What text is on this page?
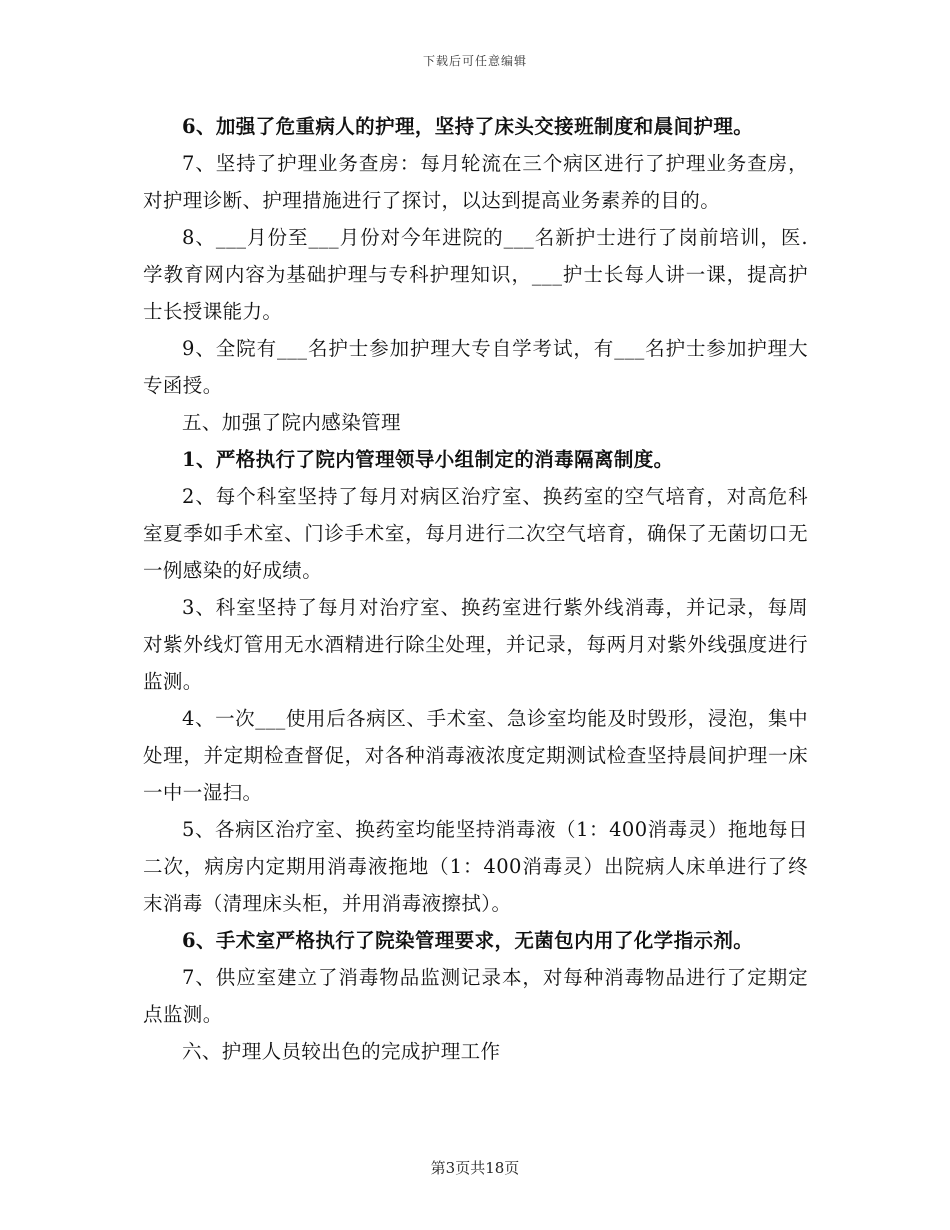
下载后可任意编辑

6、加强了危重病人的护理，坚持了床头交接班制度和晨间护理。

7、坚持了护理业务查房：每月轮流在三个病区进行了护理业务查房，对护理诊断、护理措施进行了探讨，以达到提高业务素养的目的。

8、___月份至___月份对今年进院的___名新护士进行了岗前培训，医.学教育网内容为基础护理与专科护理知识，___护士长每人讲一课，提高护士长授课能力。

9、全院有___名护士参加护理大专自学考试，有___名护士参加护理大专函授。

五、加强了院内感染管理

1、严格执行了院内管理领导小组制定的消毒隔离制度。

2、每个科室坚持了每月对病区治疗室、换药室的空气培育，对高危科室夏季如手术室、门诊手术室，每月进行二次空气培育，确保了无菌切口无一例感染的好成绩。

3、科室坚持了每月对治疗室、换药室进行紫外线消毒，并记录，每周对紫外线灯管用无水酒精进行除尘处理，并记录，每两月对紫外线强度进行监测。

4、一次___使用后各病区、手术室、急诊室均能及时毁形，浸泡，集中处理，并定期检查督促，对各种消毒液浓度定期测试检查坚持晨间护理一床一中一湿扫。

5、各病区治疗室、换药室均能坚持消毒液（1：400消毒灵）拖地每日二次，病房内定期用消毒液拖地（1：400消毒灵）出院病人床单进行了终末消毒（清理床头柜，并用消毒液擦拭）。

6、手术室严格执行了院染管理要求，无菌包内用了化学指示剂。

7、供应室建立了消毒物品监测记录本，对每种消毒物品进行了定期定点监测。

六、护理人员较出色的完成护理工作

第3页共18页
